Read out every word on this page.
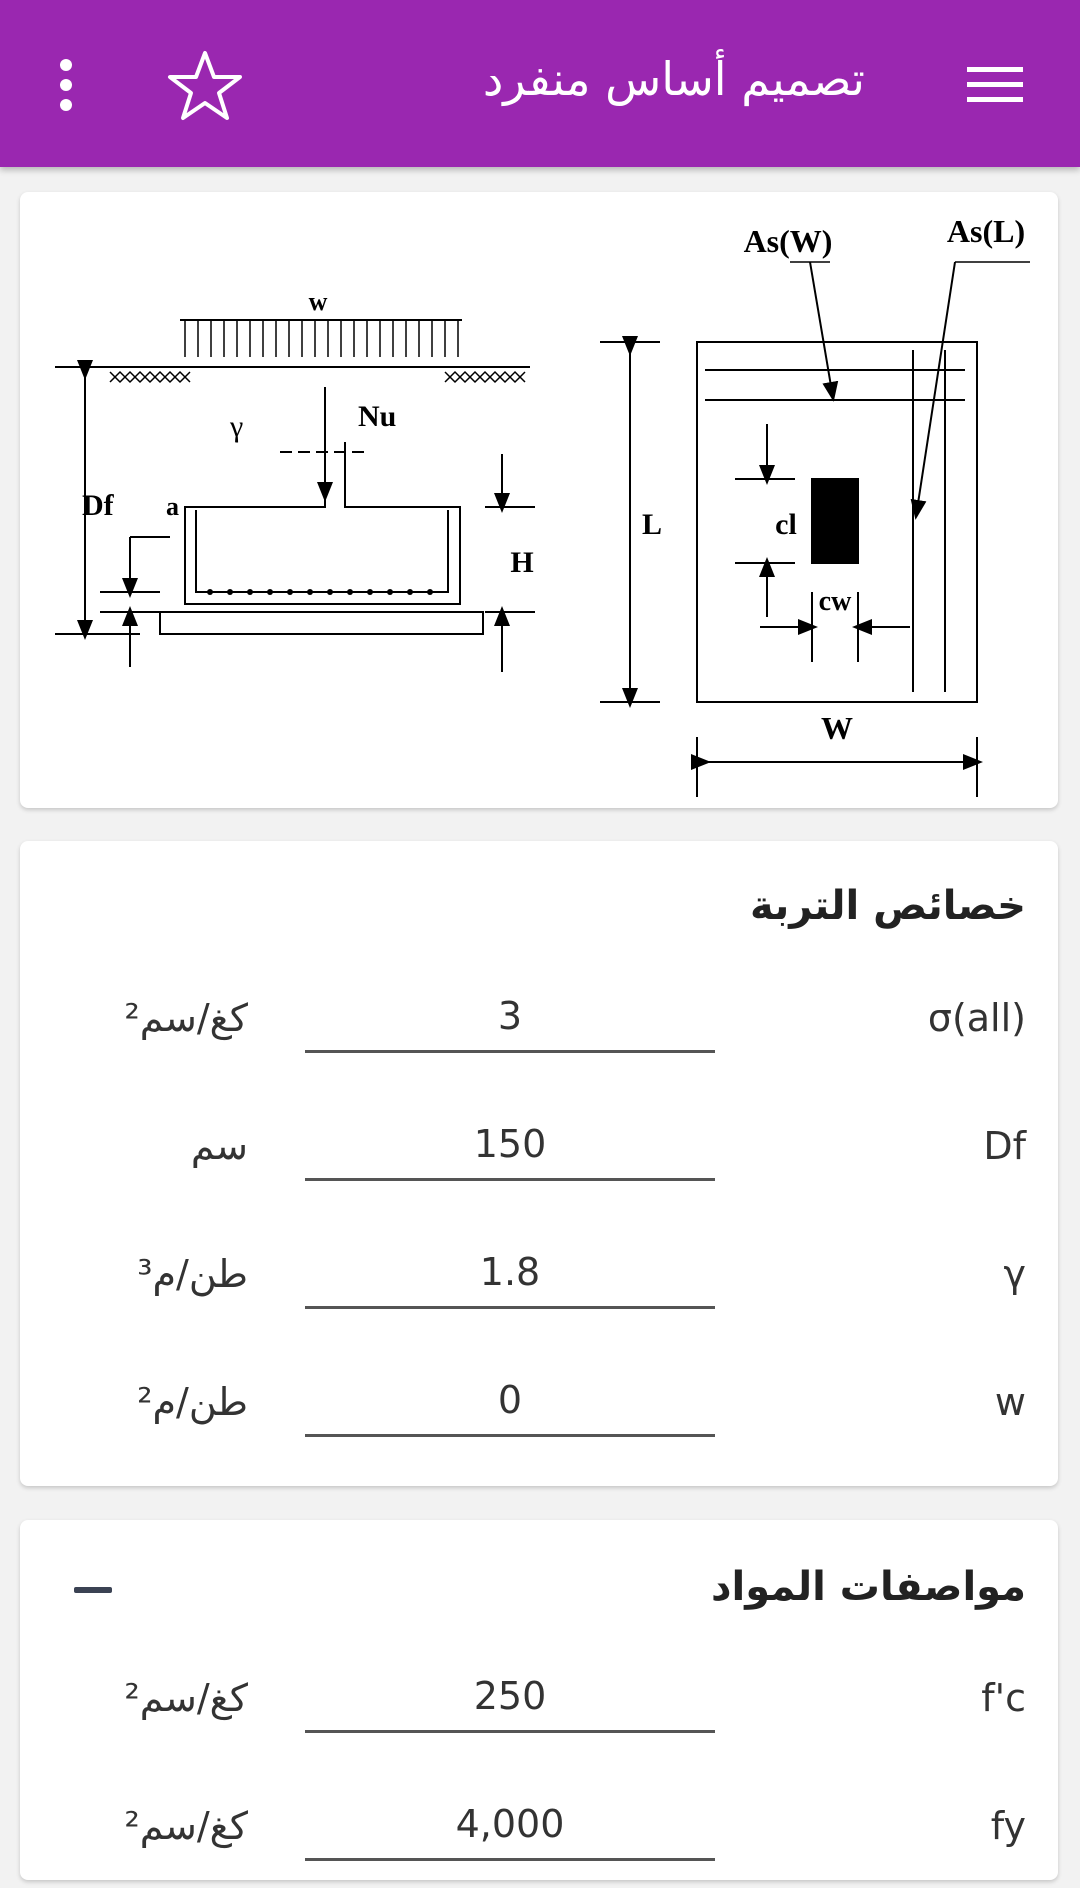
تصميم أساس منفرد
w
Nu
γ
Df a
H
L
As(W)	As(L)
cl
cw
W
خصائص التربة
σ(all)
3
كغ/سم²
Df
150
سم
γ
1.8
طن/م³
w
0
طن/م²
مواصفات المواد
f'c
250
كغ/سم²
fy
4,000
كغ/سم²
